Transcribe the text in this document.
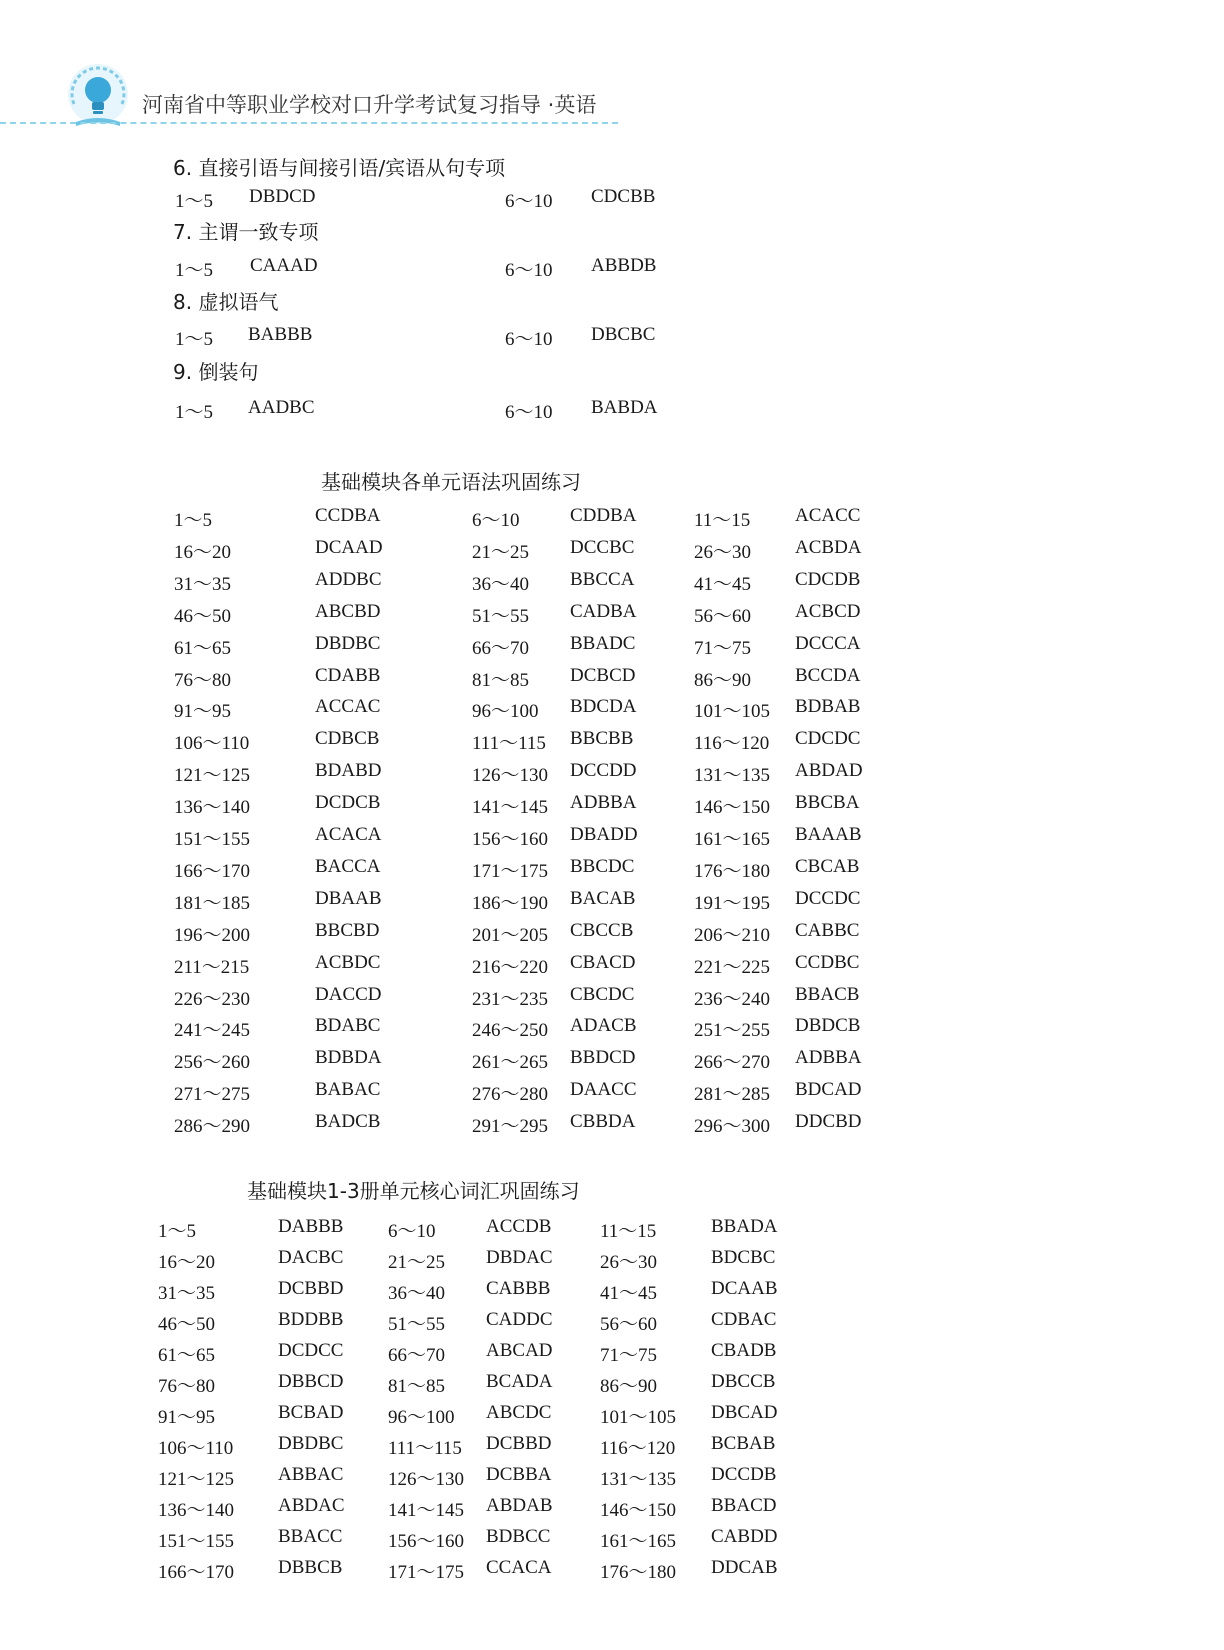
河南省中等职业学校对口升学考试复习指导 ·英语
6. 直接引语与间接引语/宾语从句专项
1～5 DBDCD	6～10 CDCBB
7. 主谓一致专项
1～5 CAAAD	6～10 ABBDB
8. 虚拟语气
1～5 BABBB	6～10 DBCBC
9. 倒装句
1～5 AADBC	6～10 BABDA
基础模块各单元语法巩固练习
1～5	CCDBA	6～10	CDDBA	11～15 ACACC
16～20	DCAAD	21～25 DCCBC	26～30 ACBDA
31～35	ADDBC	36～40 BBCCA	41～45 CDCDB
46～50	ABCBD	51～55 CADBA	56～60 ACBCD
61～65	DBDBC	66～70 BBADC	71～75 DCCCA
76～80	CDABB	81～85 DCBCD	86～90 BCCDA
91～95	ACCAC	96～100 BDCDA	101～105 BDBAB
106～110	CDBCB	111～115 BBCBB	116～120 CDCDC
121～125	BDABD	126～130 DCCDD	131～135 ABDAD
136～140	DCDCB	141～145 ADBBA	146～150 BBCBA
151～155	ACACA	156～160 DBADD	161～165 BAAAB
166～170	BACCA	171～175 BBCDC	176～180 CBCAB
181～185	DBAAB	186～190 BACAB	191～195 DCCDC
196～200	BBCBD	201～205 CBCCB	206～210 CABBC
211～215	ACBDC	216～220 CBACD	221～225 CCDBC
226～230	DACCD	231～235 CBCDC	236～240 BBACB
241～245	BDABC	246～250 ADACB	251～255 DBDCB
256～260	BDBDA	261～265 BBDCD	266～270 ADBBA
271～275	BABAC	276～280 DAACC	281～285 BDCAD
286～290	BADCB	291～295 CBBDA	296～300 DDCBD
基础模块1-3册单元核心词汇巩固练习
1～5	DABBB 6～10	ACCDB	11～15	BBADA
16～20	DACBC 21～25 DBDAC 26～30	BDCBC
31～35	DCBBD 36～40 CABBB	41～45	DCAAB
46～50	BDDBB 51～55 CADDC 56～60	CDBAC
61～65	DCDCC 66～70 ABCAD 71～75	CBADB
76～80	DBBCD 81～85 BCADA 86～90	DBCCB
91～95	BCBAD 96～100 ABCDC	101～105 DBCAD
106～110 DBDBC 111～115 DCBBD	116～120 BCBAB
121～125 ABBAC 126～130 DCBBA	131～135 DCCDB
136～140 ABDAC 141～145 ABDAB 146～150 BBACD
151～155 BBACC 156～160 BDBCC	161～165 CABDD
166～170 DBBCB 171～175 CCACA	176～180 DDCAB
